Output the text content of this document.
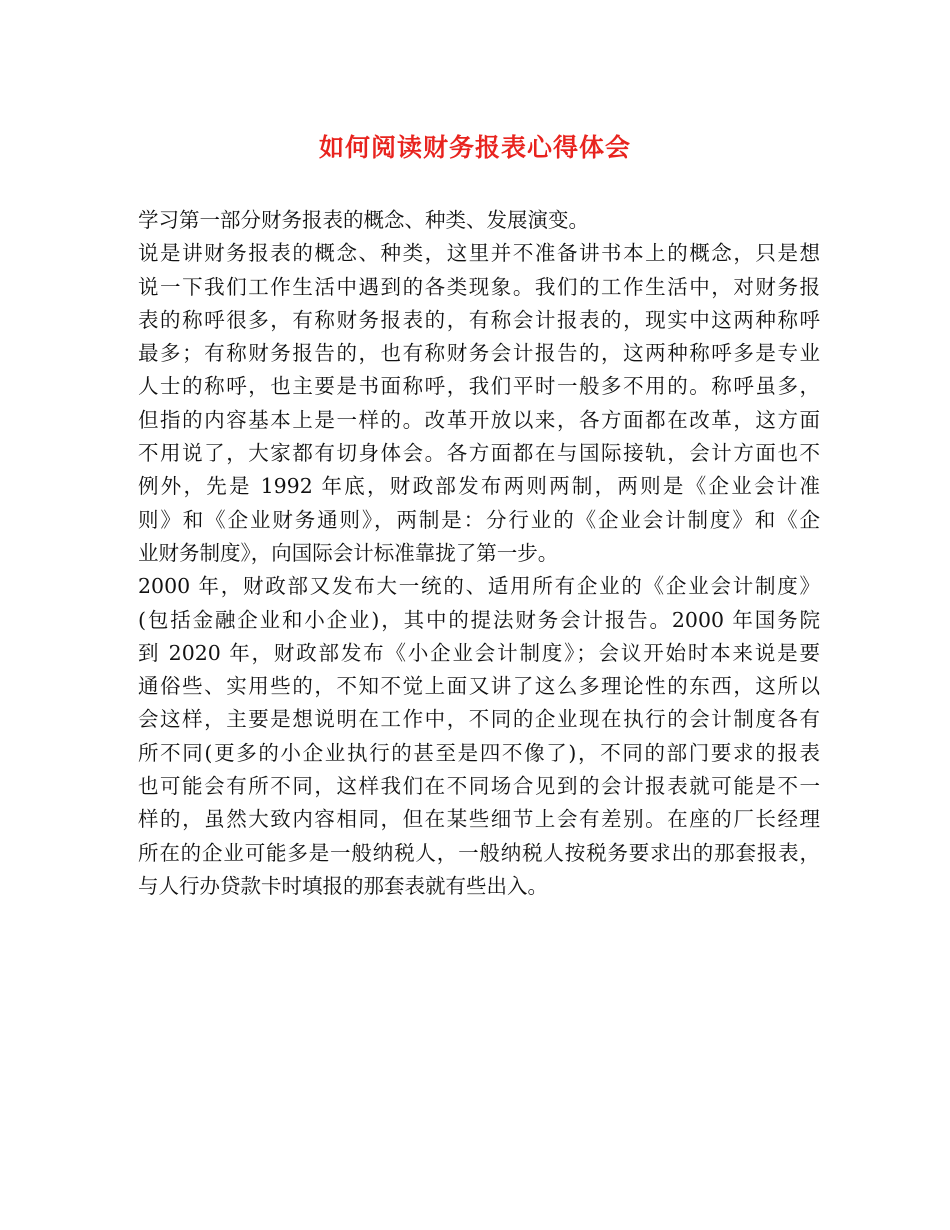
如何阅读财务报表心得体会
学习第一部分财务报表的概念、种类、发展演变。
说是讲财务报表的概念、种类，这里并不准备讲书本上的概念，只是想
说一下我们工作生活中遇到的各类现象。我们的工作生活中，对财务报
表的称呼很多，有称财务报表的，有称会计报表的，现实中这两种称呼
最多；有称财务报告的，也有称财务会计报告的，这两种称呼多是专业
人士的称呼，也主要是书面称呼，我们平时一般多不用的。称呼虽多，
但指的内容基本上是一样的。改革开放以来，各方面都在改革，这方面
不用说了，大家都有切身体会。各方面都在与国际接轨，会计方面也不
例外，先是 1992 年底，财政部发布两则两制，两则是《企业会计准
则》和《企业财务通则》，两制是：分行业的《企业会计制度》和《企
业财务制度》，向国际会计标准靠拢了第一步。
2000 年，财政部又发布大一统的、适用所有企业的《企业会计制度》
(包括金融企业和小企业)，其中的提法财务会计报告。2000 年国务院
到 2020 年，财政部发布《小企业会计制度》；会议开始时本来说是要
通俗些、实用些的，不知不觉上面又讲了这么多理论性的东西，这所以
会这样，主要是想说明在工作中，不同的企业现在执行的会计制度各有
所不同(更多的小企业执行的甚至是四不像了)，不同的部门要求的报表
也可能会有所不同，这样我们在不同场合见到的会计报表就可能是不一
样的，虽然大致内容相同，但在某些细节上会有差别。在座的厂长经理
所在的企业可能多是一般纳税人，一般纳税人按税务要求出的那套报表，
与人行办贷款卡时填报的那套表就有些出入。
